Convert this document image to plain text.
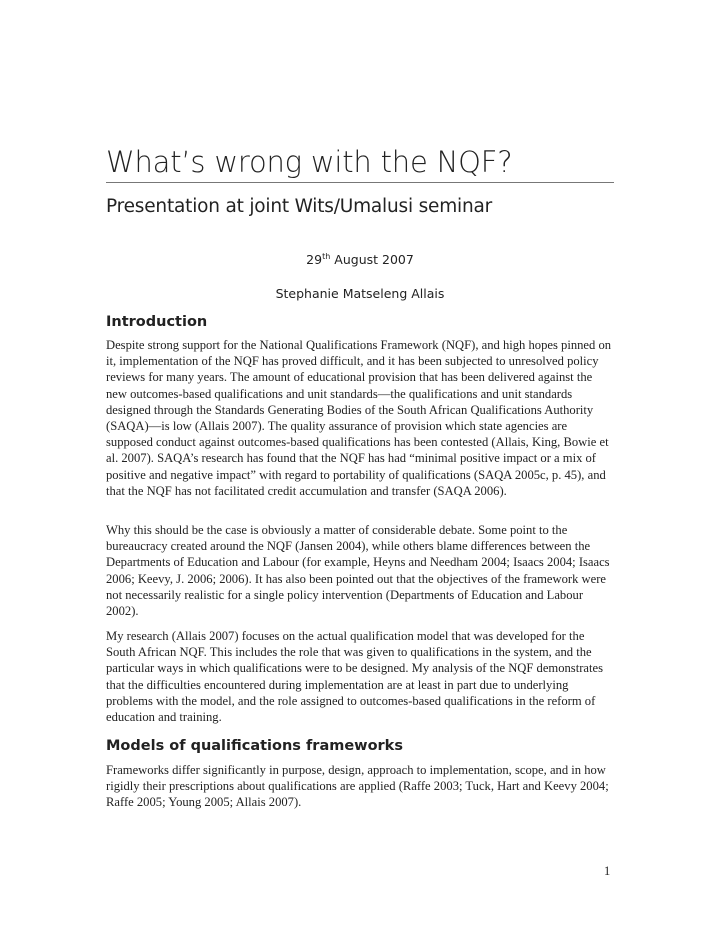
What’s wrong with the NQF?
Presentation at joint Wits/Umalusi seminar

29th August 2007

Stephanie Matseleng Allais

Introduction

Despite strong support for the National Qualifications Framework (NQF), and high hopes pinned on it, implementation of the NQF has proved difficult, and it has been subjected to unresolved policy reviews for many years. The amount of educational provision that has been delivered against the new outcomes-based qualifications and unit standards—the qualifications and unit standards designed through the Standards Generating Bodies of the South African Qualifications Authority (SAQA)—is low (Allais 2007). The quality assurance of provision which state agencies are supposed conduct against outcomes-based qualifications has been contested (Allais, King, Bowie et al. 2007). SAQA’s research has found that the NQF has had “minimal positive impact or a mix of positive and negative impact” with regard to portability of qualifications (SAQA 2005c, p. 45), and that the NQF has not facilitated credit accumulation and transfer (SAQA 2006).

Why this should be the case is obviously a matter of considerable debate. Some point to the bureaucracy created around the NQF (Jansen 2004), while others blame differences between the Departments of Education and Labour (for example, Heyns and Needham 2004; Isaacs 2004; Isaacs 2006; Keevy, J. 2006; 2006). It has also been pointed out that the objectives of the framework were not necessarily realistic for a single policy intervention (Departments of Education and Labour 2002).

My research (Allais 2007) focuses on the actual qualification model that was developed for the South African NQF. This includes the role that was given to qualifications in the system, and the particular ways in which qualifications were to be designed. My analysis of the NQF demonstrates that the difficulties encountered during implementation are at least in part due to underlying problems with the model, and the role assigned to outcomes-based qualifications in the reform of education and training.

Models of qualifications frameworks

Frameworks differ significantly in purpose, design, approach to implementation, scope, and in how rigidly their prescriptions about qualifications are applied (Raffe 2003; Tuck, Hart and Keevy 2004; Raffe 2005; Young 2005; Allais 2007).

1
